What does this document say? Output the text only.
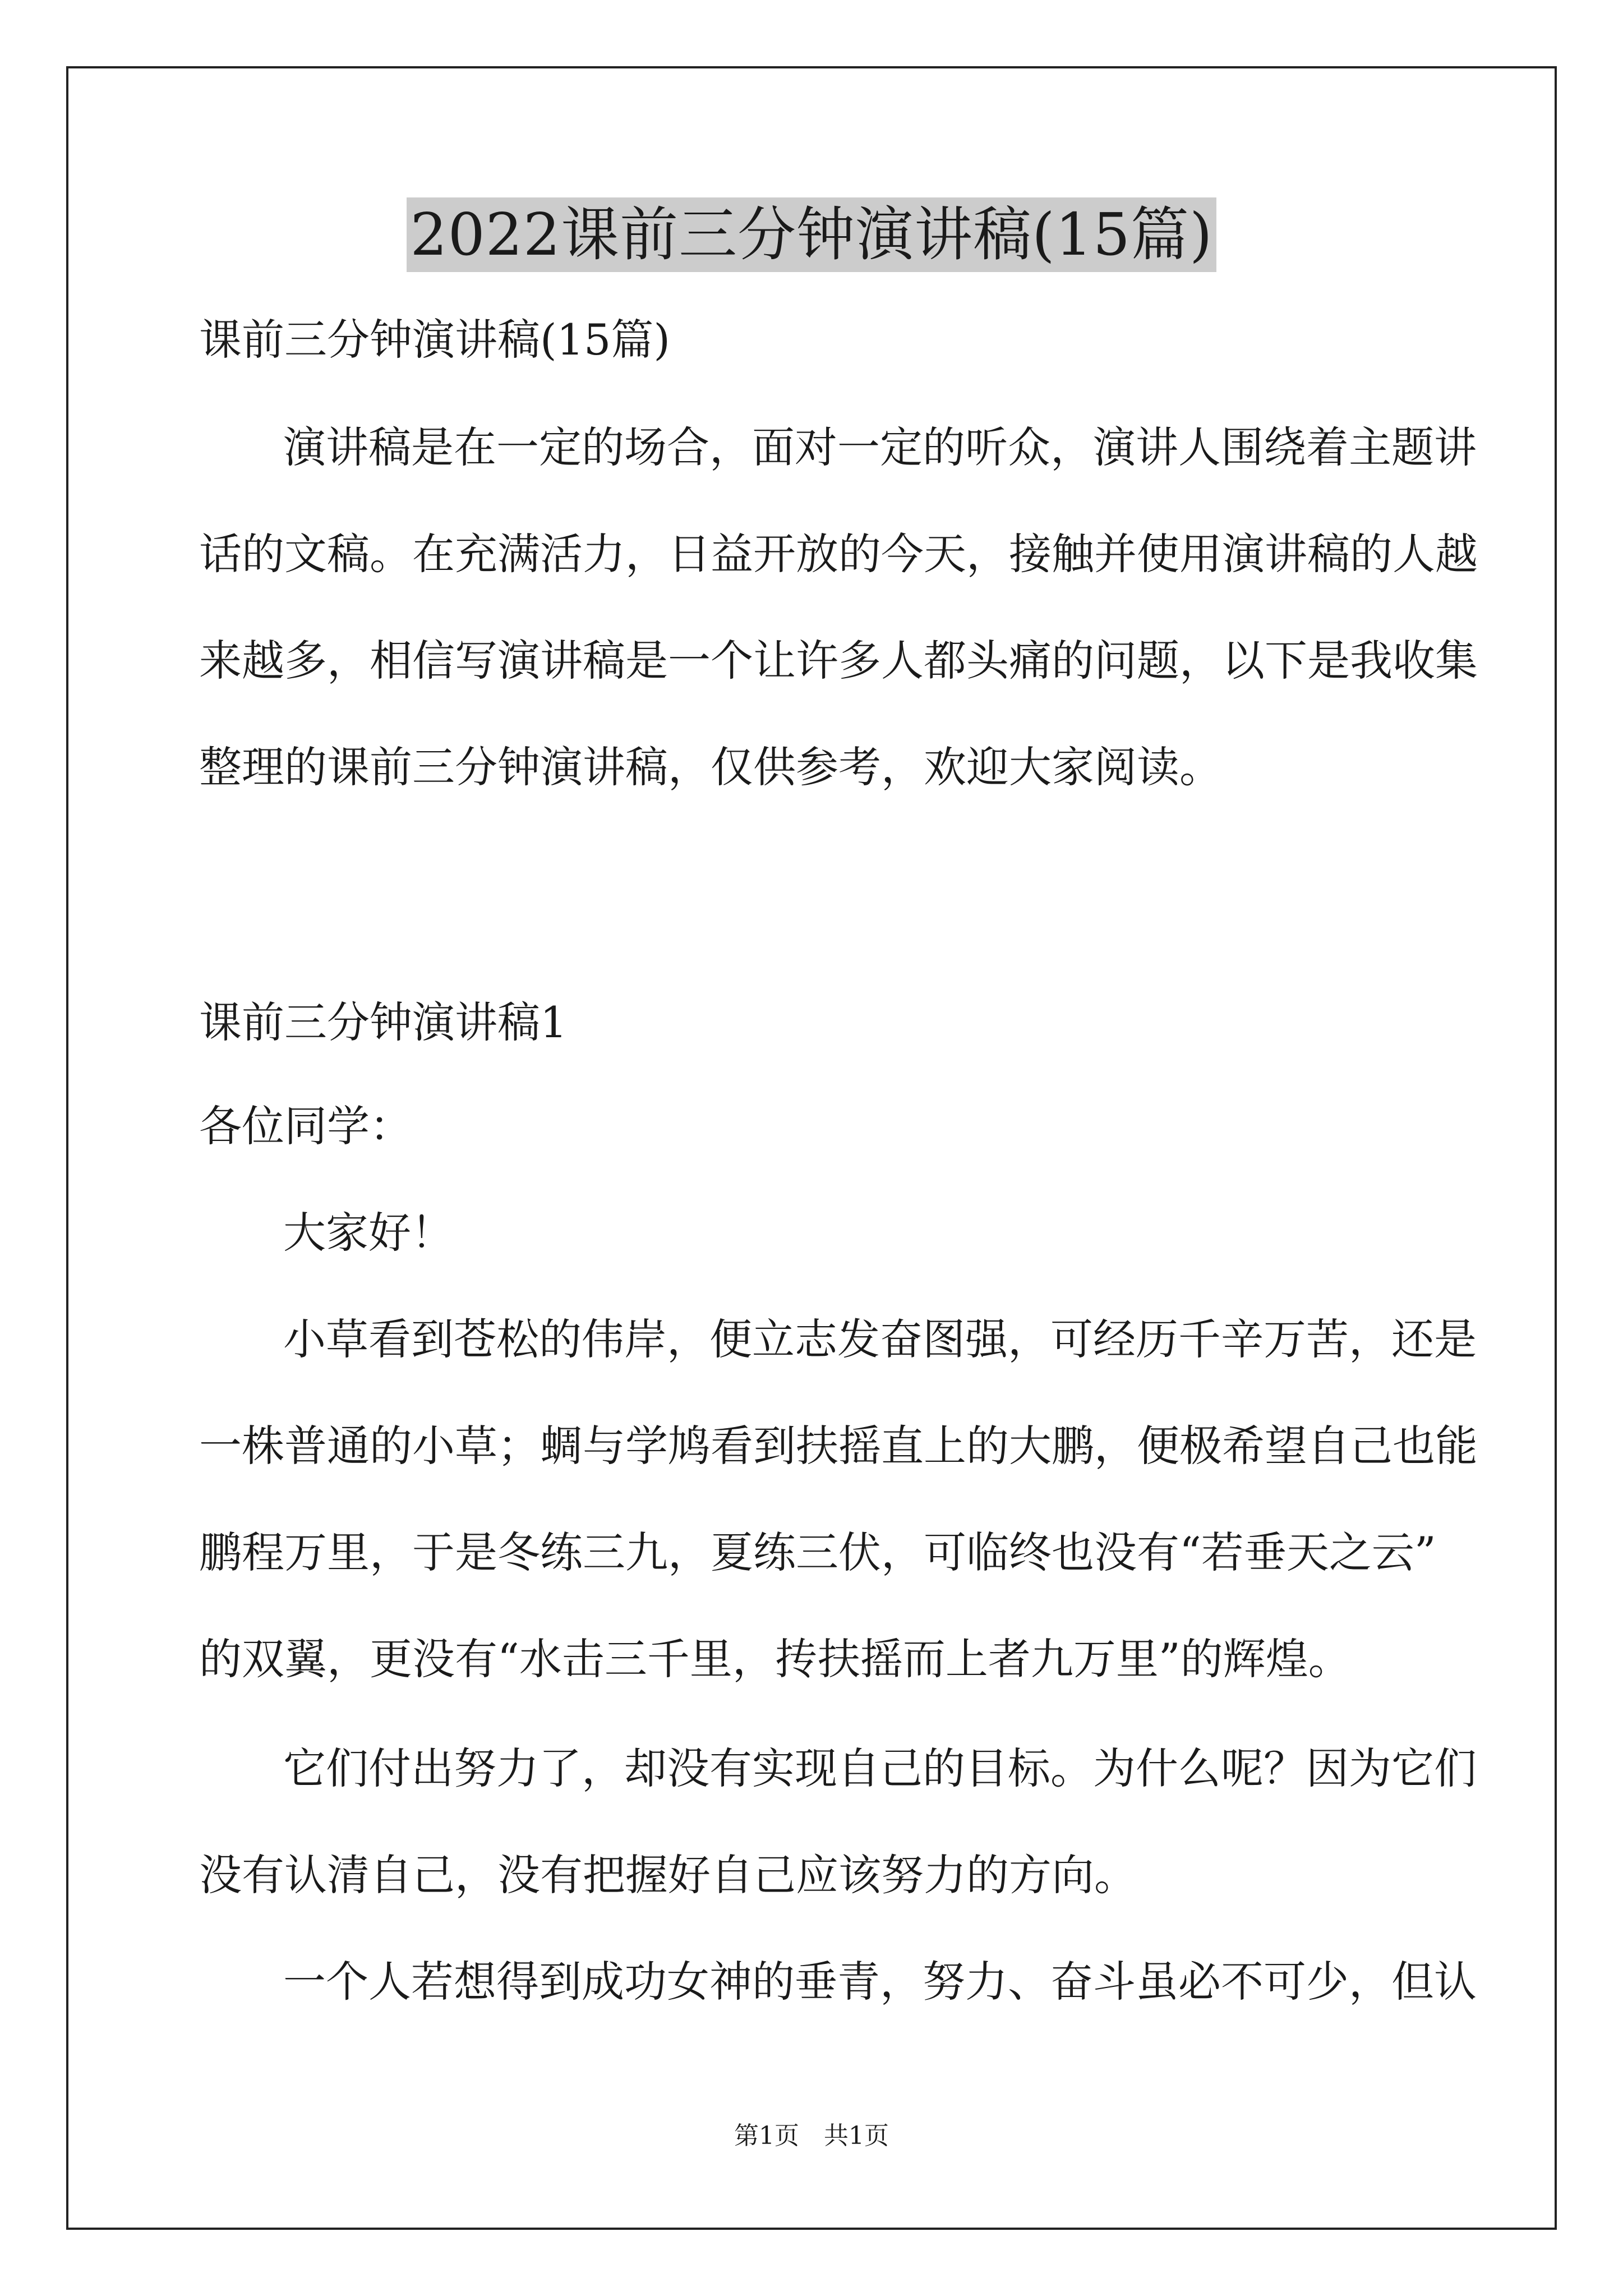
2022课前三分钟演讲稿(15篇)
课前三分钟演讲稿(15篇)
演讲稿是在一定的场合，面对一定的听众，演讲人围绕着主题讲
话的文稿。在充满活力，日益开放的今天，接触并使用演讲稿的人越
来越多，相信写演讲稿是一个让许多人都头痛的问题，以下是我收集
整理的课前三分钟演讲稿，仅供参考，欢迎大家阅读。
课前三分钟演讲稿1
各位同学：
大家好！
小草看到苍松的伟岸，便立志发奋图强，可经历千辛万苦，还是
一株普通的小草；蜩与学鸠看到扶摇直上的大鹏，便极希望自己也能
鹏程万里，于是冬练三九，夏练三伏，可临终也没有“若垂天之云”
的双翼，更没有“水击三千里，抟扶摇而上者九万里”的辉煌。
它们付出努力了，却没有实现自己的目标。为什么呢？因为它们
没有认清自己，没有把握好自己应该努力的方向。
一个人若想得到成功女神的垂青，努力、奋斗虽必不可少，但认
第1页　共1页
